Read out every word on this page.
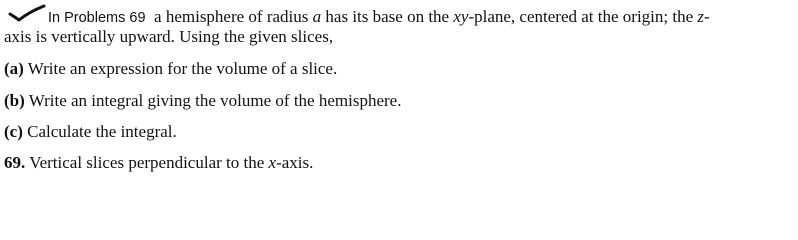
In Problems 69 a hemisphere of radius a has its base on the xy-plane, centered at the origin; the z-
axis is vertically upward. Using the given slices,
(a) Write an expression for the volume of a slice.
(b) Write an integral giving the volume of the hemisphere.
(c) Calculate the integral.
69. Vertical slices perpendicular to the x-axis.
